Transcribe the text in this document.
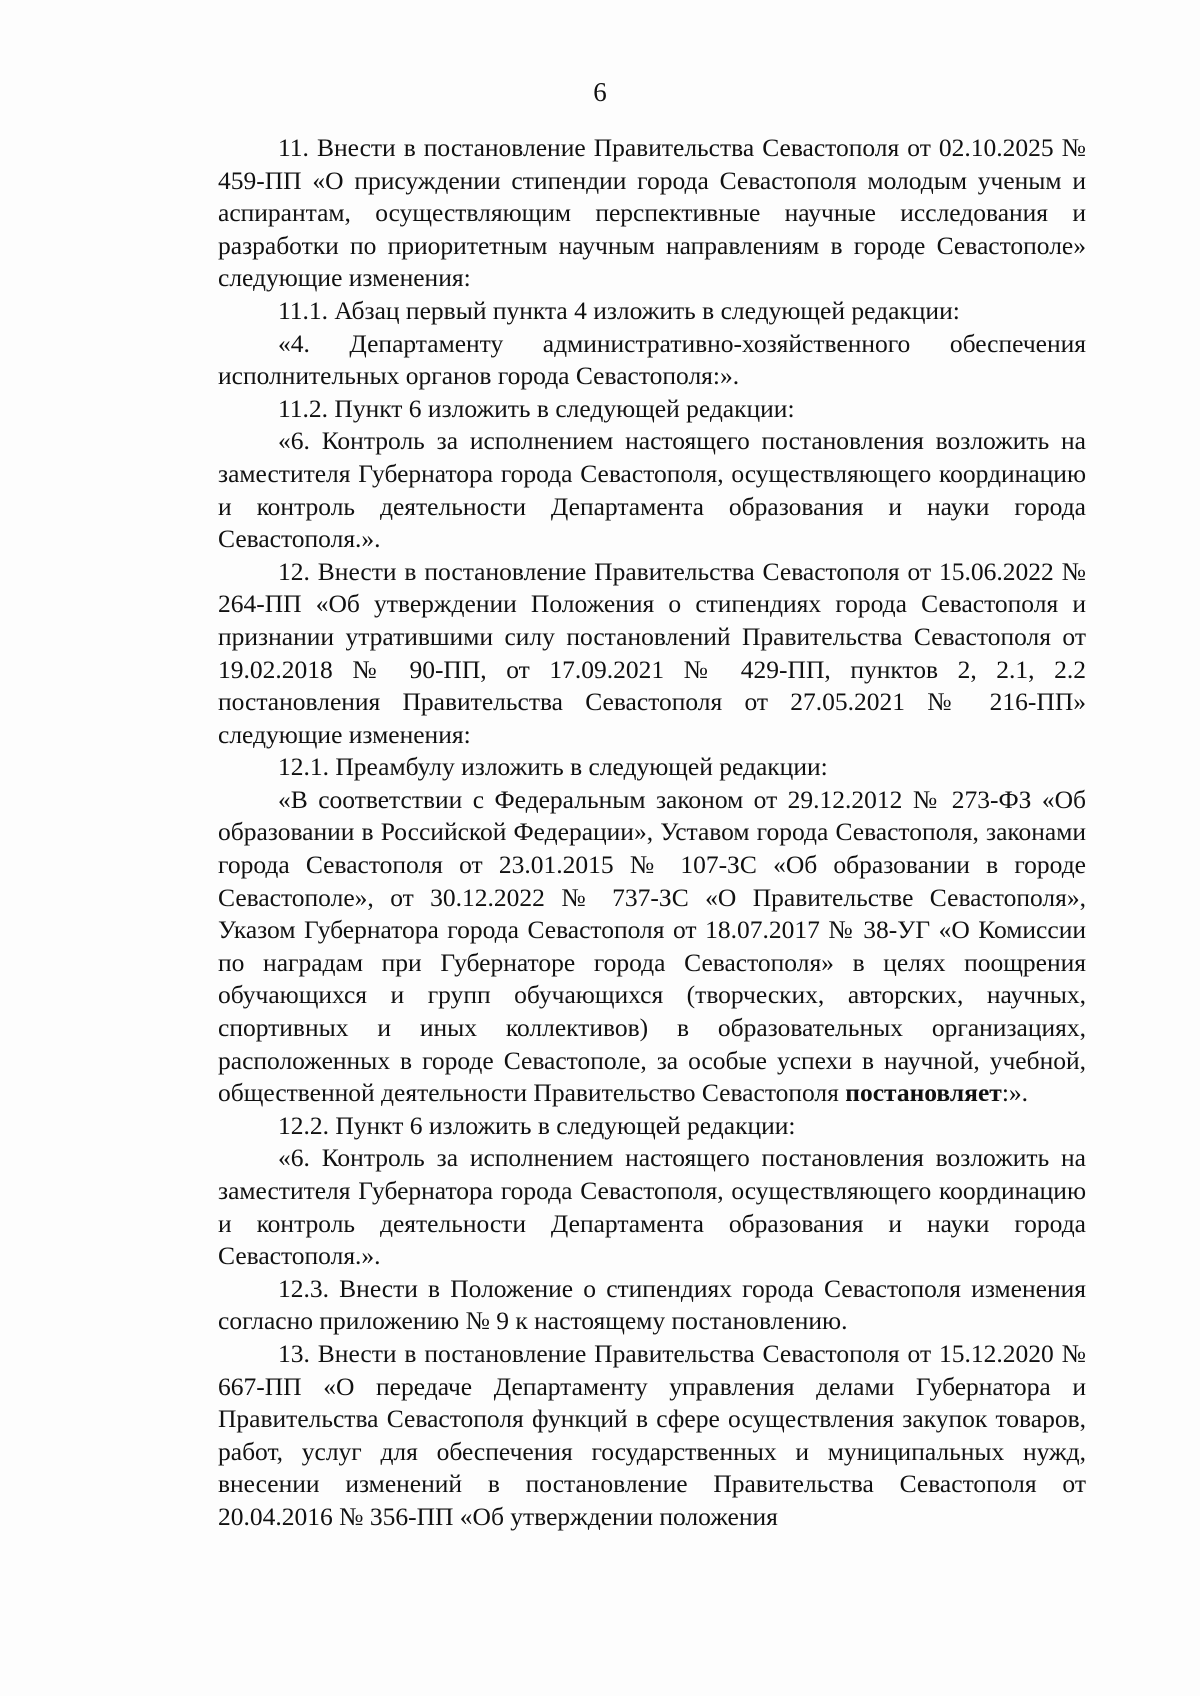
6

11. Внести в постановление Правительства Севастополя от 02.10.2025 № 459-ПП «О присуждении стипендии города Севастополя молодым ученым и аспирантам, осуществляющим перспективные научные исследования и разработки по приоритетным научным направлениям в городе Севастополе» следующие изменения:

11.1. Абзац первый пункта 4 изложить в следующей редакции:

«4. Департаменту административно-хозяйственного обеспечения исполнительных органов города Севастополя:».

11.2. Пункт 6 изложить в следующей редакции:

«6. Контроль за исполнением настоящего постановления возложить на заместителя Губернатора города Севастополя, осуществляющего координацию и контроль деятельности Департамента образования и науки города Севастополя.».

12. Внести в постановление Правительства Севастополя от 15.06.2022 № 264-ПП «Об утверждении Положения о стипендиях города Севастополя и признании утратившими силу постановлений Правительства Севастополя от 19.02.2018 № 90-ПП, от 17.09.2021 № 429-ПП, пунктов 2, 2.1, 2.2 постановления Правительства Севастополя от 27.05.2021 № 216-ПП» следующие изменения:

12.1. Преамбулу изложить в следующей редакции:

«В соответствии с Федеральным законом от 29.12.2012 № 273-ФЗ «Об образовании в Российской Федерации», Уставом города Севастополя, законами города Севастополя от 23.01.2015 № 107-ЗС «Об образовании в городе Севастополе», от 30.12.2022 № 737-ЗС «О Правительстве Севастополя», Указом Губернатора города Севастополя от 18.07.2017 № 38-УГ «О Комиссии по наградам при Губернаторе города Севастополя» в целях поощрения обучающихся и групп обучающихся (творческих, авторских, научных, спортивных и иных коллективов) в образовательных организациях, расположенных в городе Севастополе, за особые успехи в научной, учебной, общественной деятельности Правительство Севастополя постановляет:».

12.2. Пункт 6 изложить в следующей редакции:

«6. Контроль за исполнением настоящего постановления возложить на заместителя Губернатора города Севастополя, осуществляющего координацию и контроль деятельности Департамента образования и науки города Севастополя.».

12.3. Внести в Положение о стипендиях города Севастополя изменения согласно приложению № 9 к настоящему постановлению.

13. Внести в постановление Правительства Севастополя от 15.12.2020 № 667-ПП «О передаче Департаменту управления делами Губернатора и Правительства Севастополя функций в сфере осуществления закупок товаров, работ, услуг для обеспечения государственных и муниципальных нужд, внесении изменений в постановление Правительства Севастополя от 20.04.2016 № 356-ПП «Об утверждении положения
